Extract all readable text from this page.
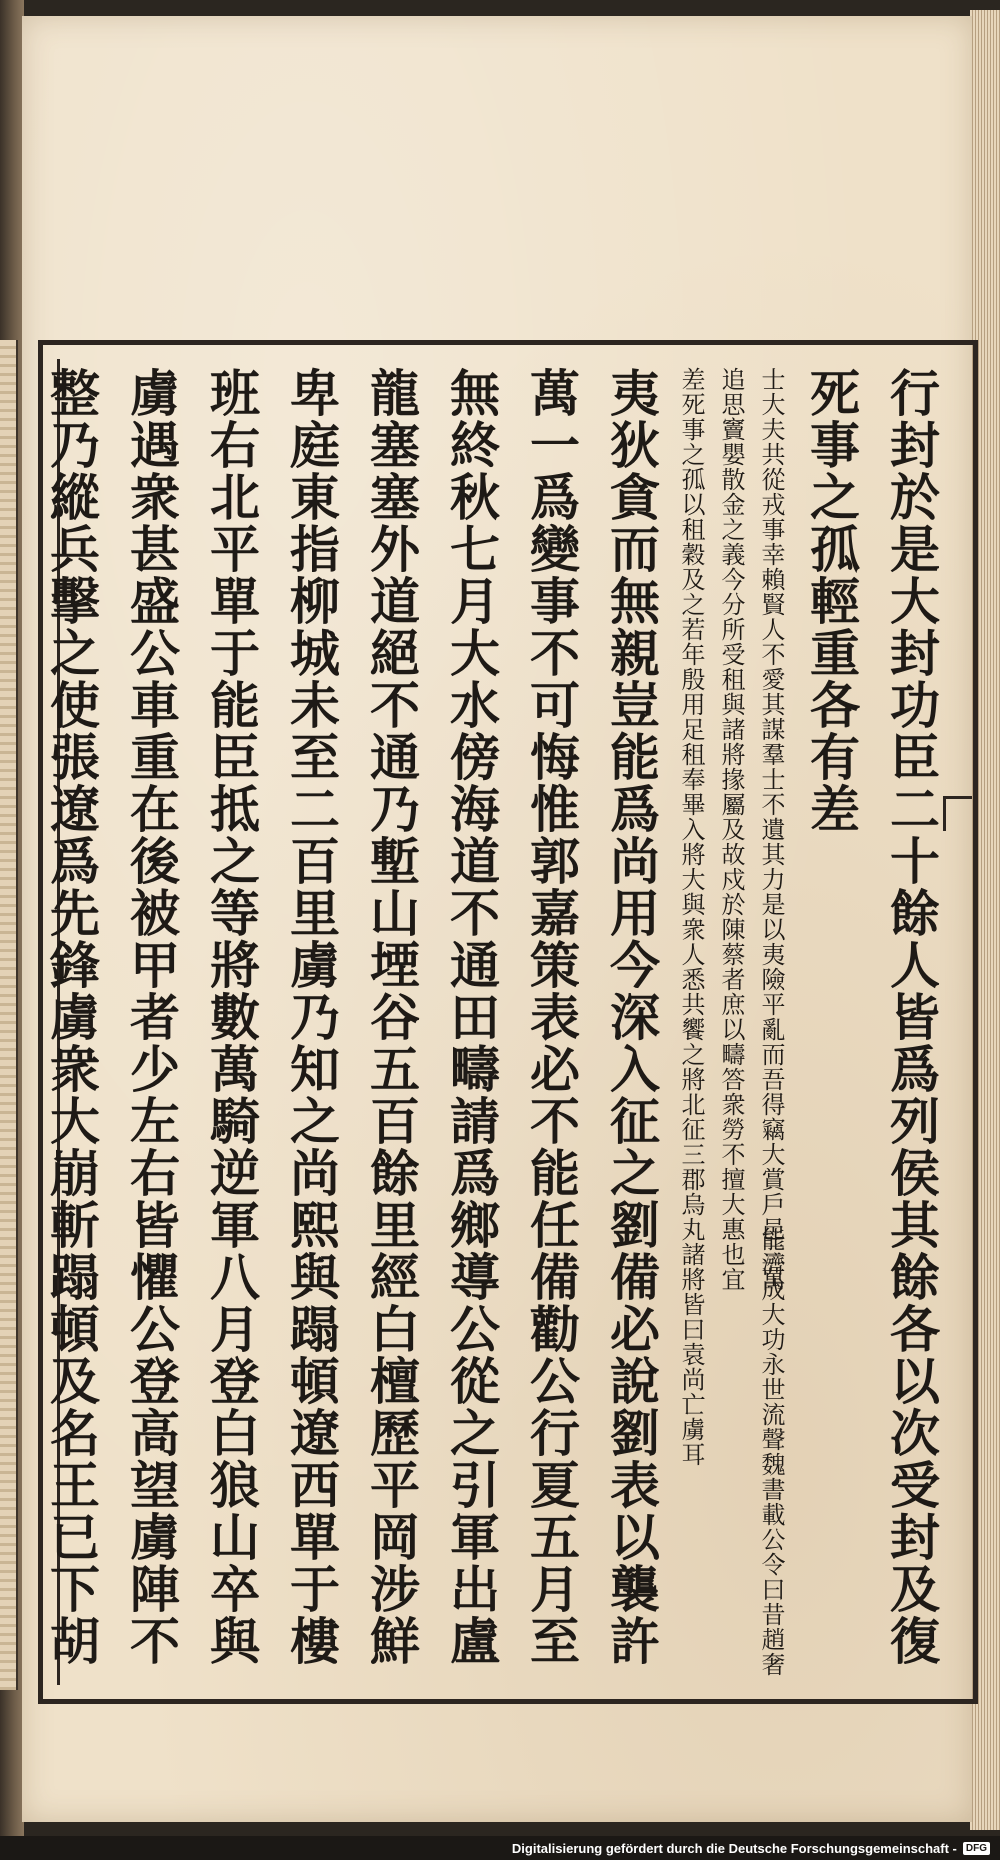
行封於是大封功臣二十餘人皆爲列侯其餘各以次受封及復
死事之孤輕重各有差
魏書載公令曰昔趙奢
能濟成大功永世流聲
士大夫共從戎事幸賴賢人不愛其謀羣士不遺其力是以夷險平亂而吾得竊大賞戶邑三萬
追思竇嬰散金之義今分所受租與諸將掾屬及故戍於陳蔡者庶以疇答衆勞不擅大惠也宜
差死事之孤以租穀及之若年殷用足租奉畢入將大與衆人悉共饗之將北征三郡烏丸諸將皆曰袁尚亡虜耳
夷狄貪而無親豈能爲尚用今深入征之劉備必說劉表以襲許
萬一爲變事不可悔惟郭嘉策表必不能任備勸公行夏五月至
無終秋七月大水傍海道不通田疇請爲鄉導公從之引軍出盧
龍塞塞外道絕不通乃塹山堙谷五百餘里經白檀歷平岡涉鮮
卑庭東指柳城未至二百里虜乃知之尚熙與蹋頓遼西單于樓
班右北平單于能臣抵之等將數萬騎逆軍八月登白狼山卒與
虜遇衆甚盛公車重在後被甲者少左右皆懼公登高望虜陣不
整乃縱兵擊之使張遼爲先鋒虜衆大崩斬蹋頓及名王已下胡
Digitalisierung gefördert durch die Deutsche Forschungsgemeinschaft - DFG
